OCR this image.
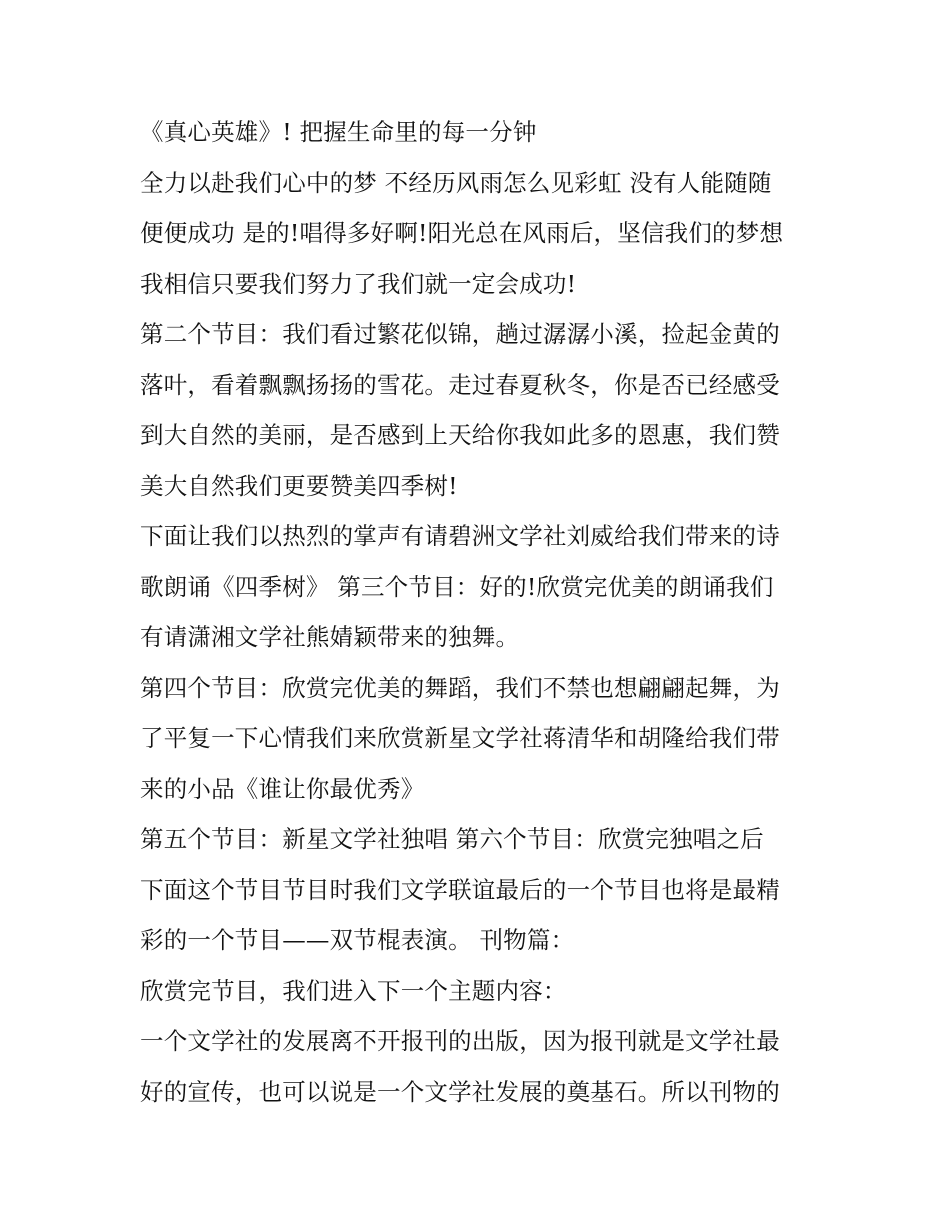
《真心英雄》! 把握生命里的每一分钟
全力以赴我们心中的梦 不经历风雨怎么见彩虹 没有人能随随
便便成功 是的!唱得多好啊!阳光总在风雨后，坚信我们的梦想
我相信只要我们努力了我们就一定会成功!
第二个节目：我们看过繁花似锦，趟过潺潺小溪，捡起金黄的
落叶，看着飘飘扬扬的雪花。走过春夏秋冬，你是否已经感受
到大自然的美丽，是否感到上天给你我如此多的恩惠，我们赞
美大自然我们更要赞美四季树!
下面让我们以热烈的掌声有请碧洲文学社刘威给我们带来的诗
歌朗诵《四季树》 第三个节目：好的!欣赏完优美的朗诵我们
有请潇湘文学社熊婧颖带来的独舞。
第四个节目：欣赏完优美的舞蹈，我们不禁也想翩翩起舞，为
了平复一下心情我们来欣赏新星文学社蒋清华和胡隆给我们带
来的小品《谁让你最优秀》
第五个节目：新星文学社独唱 第六个节目：欣赏完独唱之后
下面这个节目节目时我们文学联谊最后的一个节目也将是最精
彩的一个节目——双节棍表演。 刊物篇：
欣赏完节目，我们进入下一个主题内容：
一个文学社的发展离不开报刊的出版，因为报刊就是文学社最
好的宣传，也可以说是一个文学社发展的奠基石。所以刊物的
